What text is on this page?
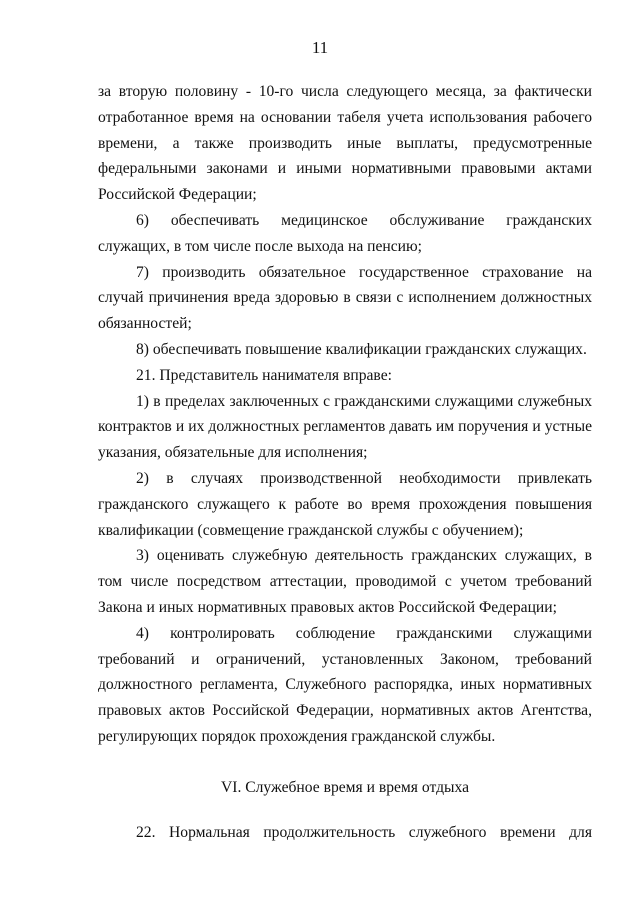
11

за вторую половину - 10-го числа следующего месяца, за фактически отработанное время на основании табеля учета использования рабочего времени, а также производить иные выплаты, предусмотренные федеральными законами и иными нормативными правовыми актами Российской Федерации;

6) обеспечивать медицинское обслуживание гражданских служащих, в том числе после выхода на пенсию;

7) производить обязательное государственное страхование на случай причинения вреда здоровью в связи с исполнением должностных обязанностей;

8) обеспечивать повышение квалификации гражданских служащих.

21. Представитель нанимателя вправе:

1) в пределах заключенных с гражданскими служащими служебных контрактов и их должностных регламентов давать им поручения и устные указания, обязательные для исполнения;

2) в случаях производственной необходимости привлекать гражданского служащего к работе во время прохождения повышения квалификации (совмещение гражданской службы с обучением);

3) оценивать служебную деятельность гражданских служащих, в том числе посредством аттестации, проводимой с учетом требований Закона и иных нормативных правовых актов Российской Федерации;

4) контролировать соблюдение гражданскими служащими требований и ограничений, установленных Законом, требований должностного регламента, Служебного распорядка, иных нормативных правовых актов Российской Федерации, нормативных актов Агентства, регулирующих порядок прохождения гражданской службы.

VI. Служебное время и время отдыха

22. Нормальная продолжительность служебного времени для
